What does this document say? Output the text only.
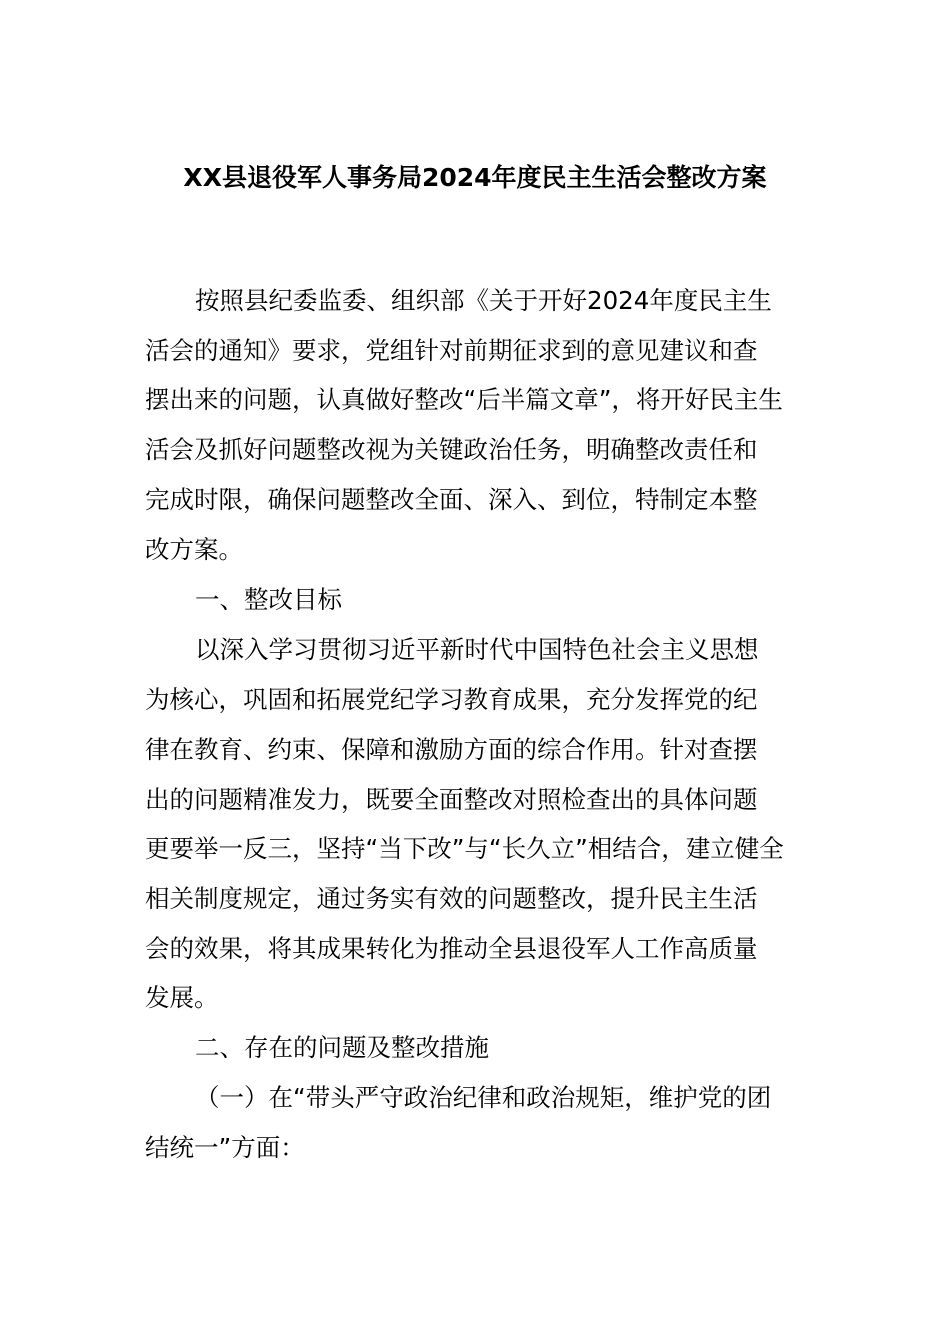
XX县退役军人事务局2024年度民主生活会整改方案
按照县纪委监委、组织部《关于开好2024年度民主生
活会的通知》要求，党组针对前期征求到的意见建议和查
摆出来的问题，认真做好整改“后半篇文章”，将开好民主生
活会及抓好问题整改视为关键政治任务，明确整改责任和
完成时限，确保问题整改全面、深入、到位，特制定本整
改方案。
一、整改目标
以深入学习贯彻习近平新时代中国特色社会主义思想
为核心，巩固和拓展党纪学习教育成果，充分发挥党的纪
律在教育、约束、保障和激励方面的综合作用。针对查摆
出的问题精准发力，既要全面整改对照检查出的具体问题
更要举一反三，坚持“当下改”与“长久立”相结合，建立健全
相关制度规定，通过务实有效的问题整改，提升民主生活
会的效果，将其成果转化为推动全县退役军人工作高质量
发展。
二、存在的问题及整改措施
（一）在“带头严守政治纪律和政治规矩，维护党的团
结统一”方面：
